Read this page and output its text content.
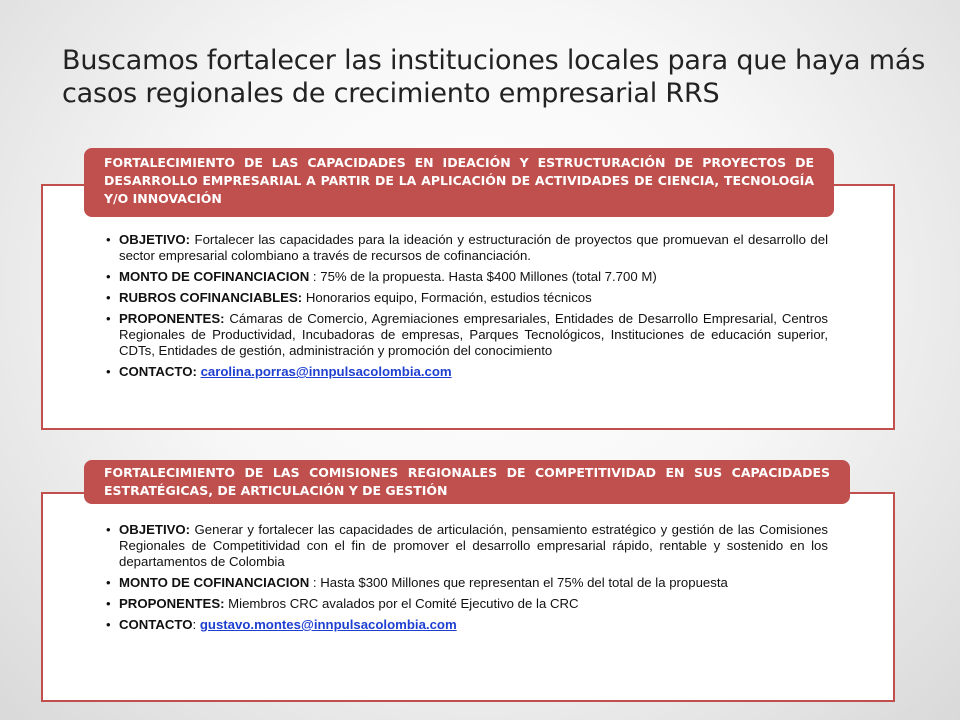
Buscamos fortalecer las instituciones locales para que haya más casos regionales de crecimiento empresarial RRS
FORTALECIMIENTO DE LAS CAPACIDADES EN IDEACIÓN Y ESTRUCTURACIÓN DE PROYECTOS DE DESARROLLO EMPRESARIAL A PARTIR DE LA APLICACIÓN DE ACTIVIDADES DE CIENCIA, TECNOLOGÍA Y/O INNOVACIÓN
• OBJETIVO: Fortalecer las capacidades para la ideación y estructuración de proyectos que promuevan el desarrollo del sector empresarial colombiano a través de recursos de cofinanciación.
• MONTO DE COFINANCIACION : 75% de la propuesta. Hasta $400 Millones (total 7.700 M)
• RUBROS COFINANCIABLES: Honorarios equipo, Formación, estudios técnicos
• PROPONENTES: Cámaras de Comercio, Agremiaciones empresariales, Entidades de Desarrollo Empresarial, Centros Regionales de Productividad, Incubadoras de empresas, Parques Tecnológicos, Instituciones de educación superior, CDTs, Entidades de gestión, administración y promoción del conocimiento
• CONTACTO: carolina.porras@innpulsacolombia.com
FORTALECIMIENTO DE LAS COMISIONES REGIONALES DE COMPETITIVIDAD EN SUS CAPACIDADES ESTRATÉGICAS, DE ARTICULACIÓN Y DE GESTIÓN
• OBJETIVO: Generar y fortalecer las capacidades de articulación, pensamiento estratégico y gestión de las Comisiones Regionales de Competitividad con el fin de promover el desarrollo empresarial rápido, rentable y sostenido en los departamentos de Colombia
• MONTO DE COFINANCIACION : Hasta $300 Millones que representan el 75% del total de la propuesta
• PROPONENTES: Miembros CRC avalados por el Comité Ejecutivo de la CRC
• CONTACTO: gustavo.montes@innpulsacolombia.com
